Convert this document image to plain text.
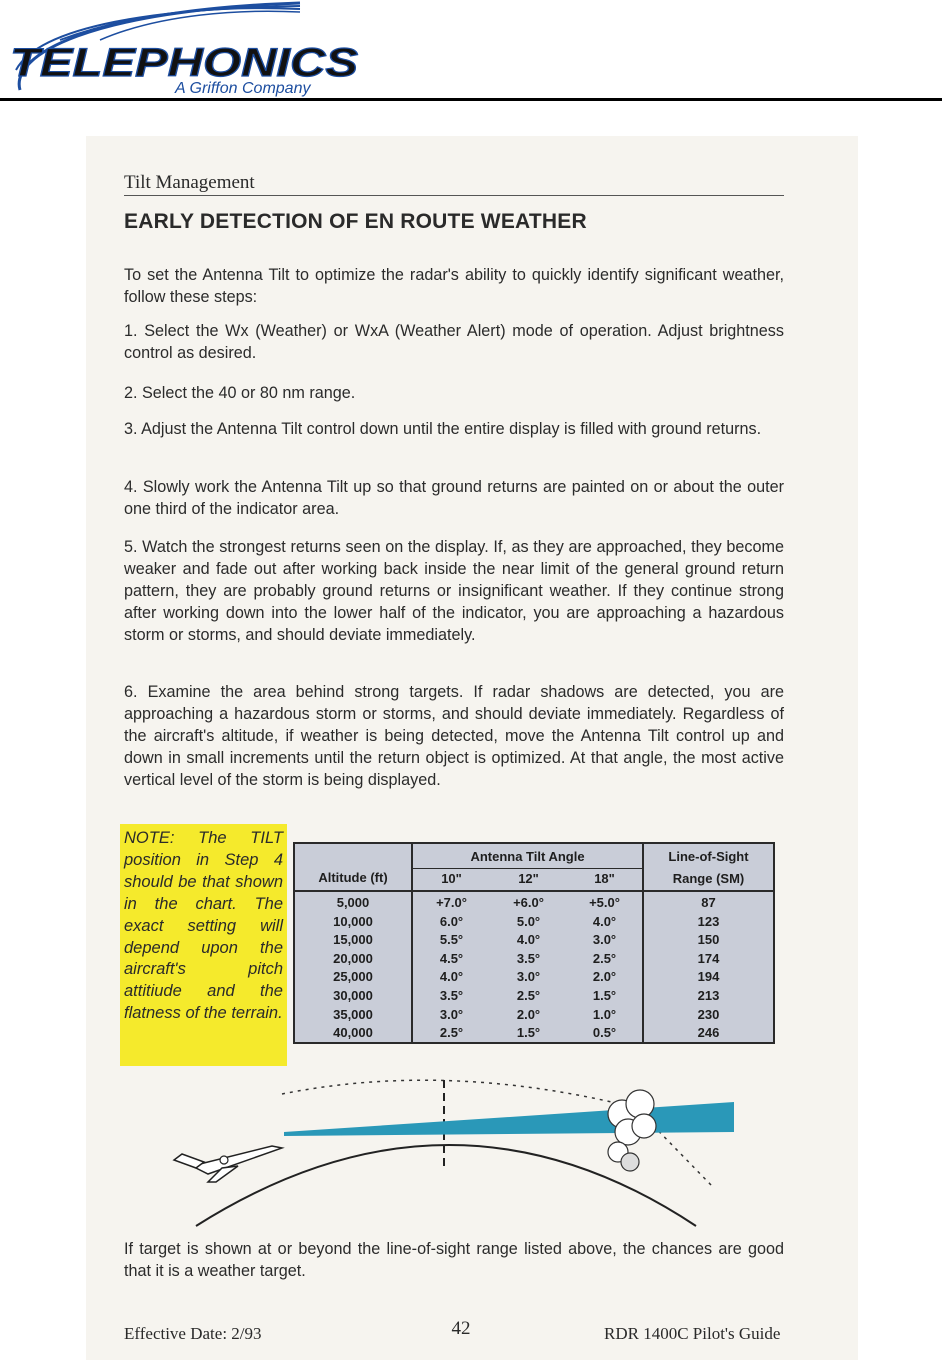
TELEPHONICS
A Griffon Company
Tilt Management
EARLY DETECTION OF EN ROUTE WEATHER
To set the Antenna Tilt to optimize the radar's ability to quickly identify significant weather, follow these steps:
1. Select the Wx (Weather) or WxA (Weather Alert) mode of operation. Adjust brightness control as desired.
2. Select the 40 or 80 nm range.
3. Adjust the Antenna Tilt control down until the entire display is filled with ground returns.
4. Slowly work the Antenna Tilt up so that ground returns are painted on or about the outer one third of the indicator area.
5. Watch the strongest returns seen on the display. If, as they are approached, they become weaker and fade out after working back inside the near limit of the general ground return pattern, they are probably ground returns or insignificant weather. If they continue strong after working down into the lower half of the indicator, you are approaching a hazardous storm or storms, and should deviate immediately.
6. Examine the area behind strong targets. If radar shadows are detected, you are approaching a hazardous storm or storms, and should deviate immediately. Regardless of the aircraft's altitude, if weather is being detected, move the Antenna Tilt control up and down in small increments until the return object is optimized. At that angle, the most active vertical level of the storm is being displayed.
NOTE: The TILT position in Step 4 should be that shown in the chart. The exact setting will depend upon the aircraft's pitch attitiude and the flatness of the terrain.
Altitude (ft)
Antenna Tilt Angle
10"	12"	18"
Line-of-Sight
Range (SM)
5,000	+7.0°	+6.0°	+5.0°	87
10,000	6.0°	5.0°	4.0°	123
15,000	5.5°	4.0°	3.0°	150
20,000	4.5°	3.5°	2.5°	174
25,000	4.0°	3.0°	2.0°	194
30,000	3.5°	2.5°	1.5°	213
35,000	3.0°	2.0°	1.0°	230
40,000	2.5°	1.5°	0.5°	246
If target is shown at or beyond the line-of-sight range listed above, the chances are good that it is a weather target.
Effective Date: 2/93	42	RDR 1400C Pilot's Guide
